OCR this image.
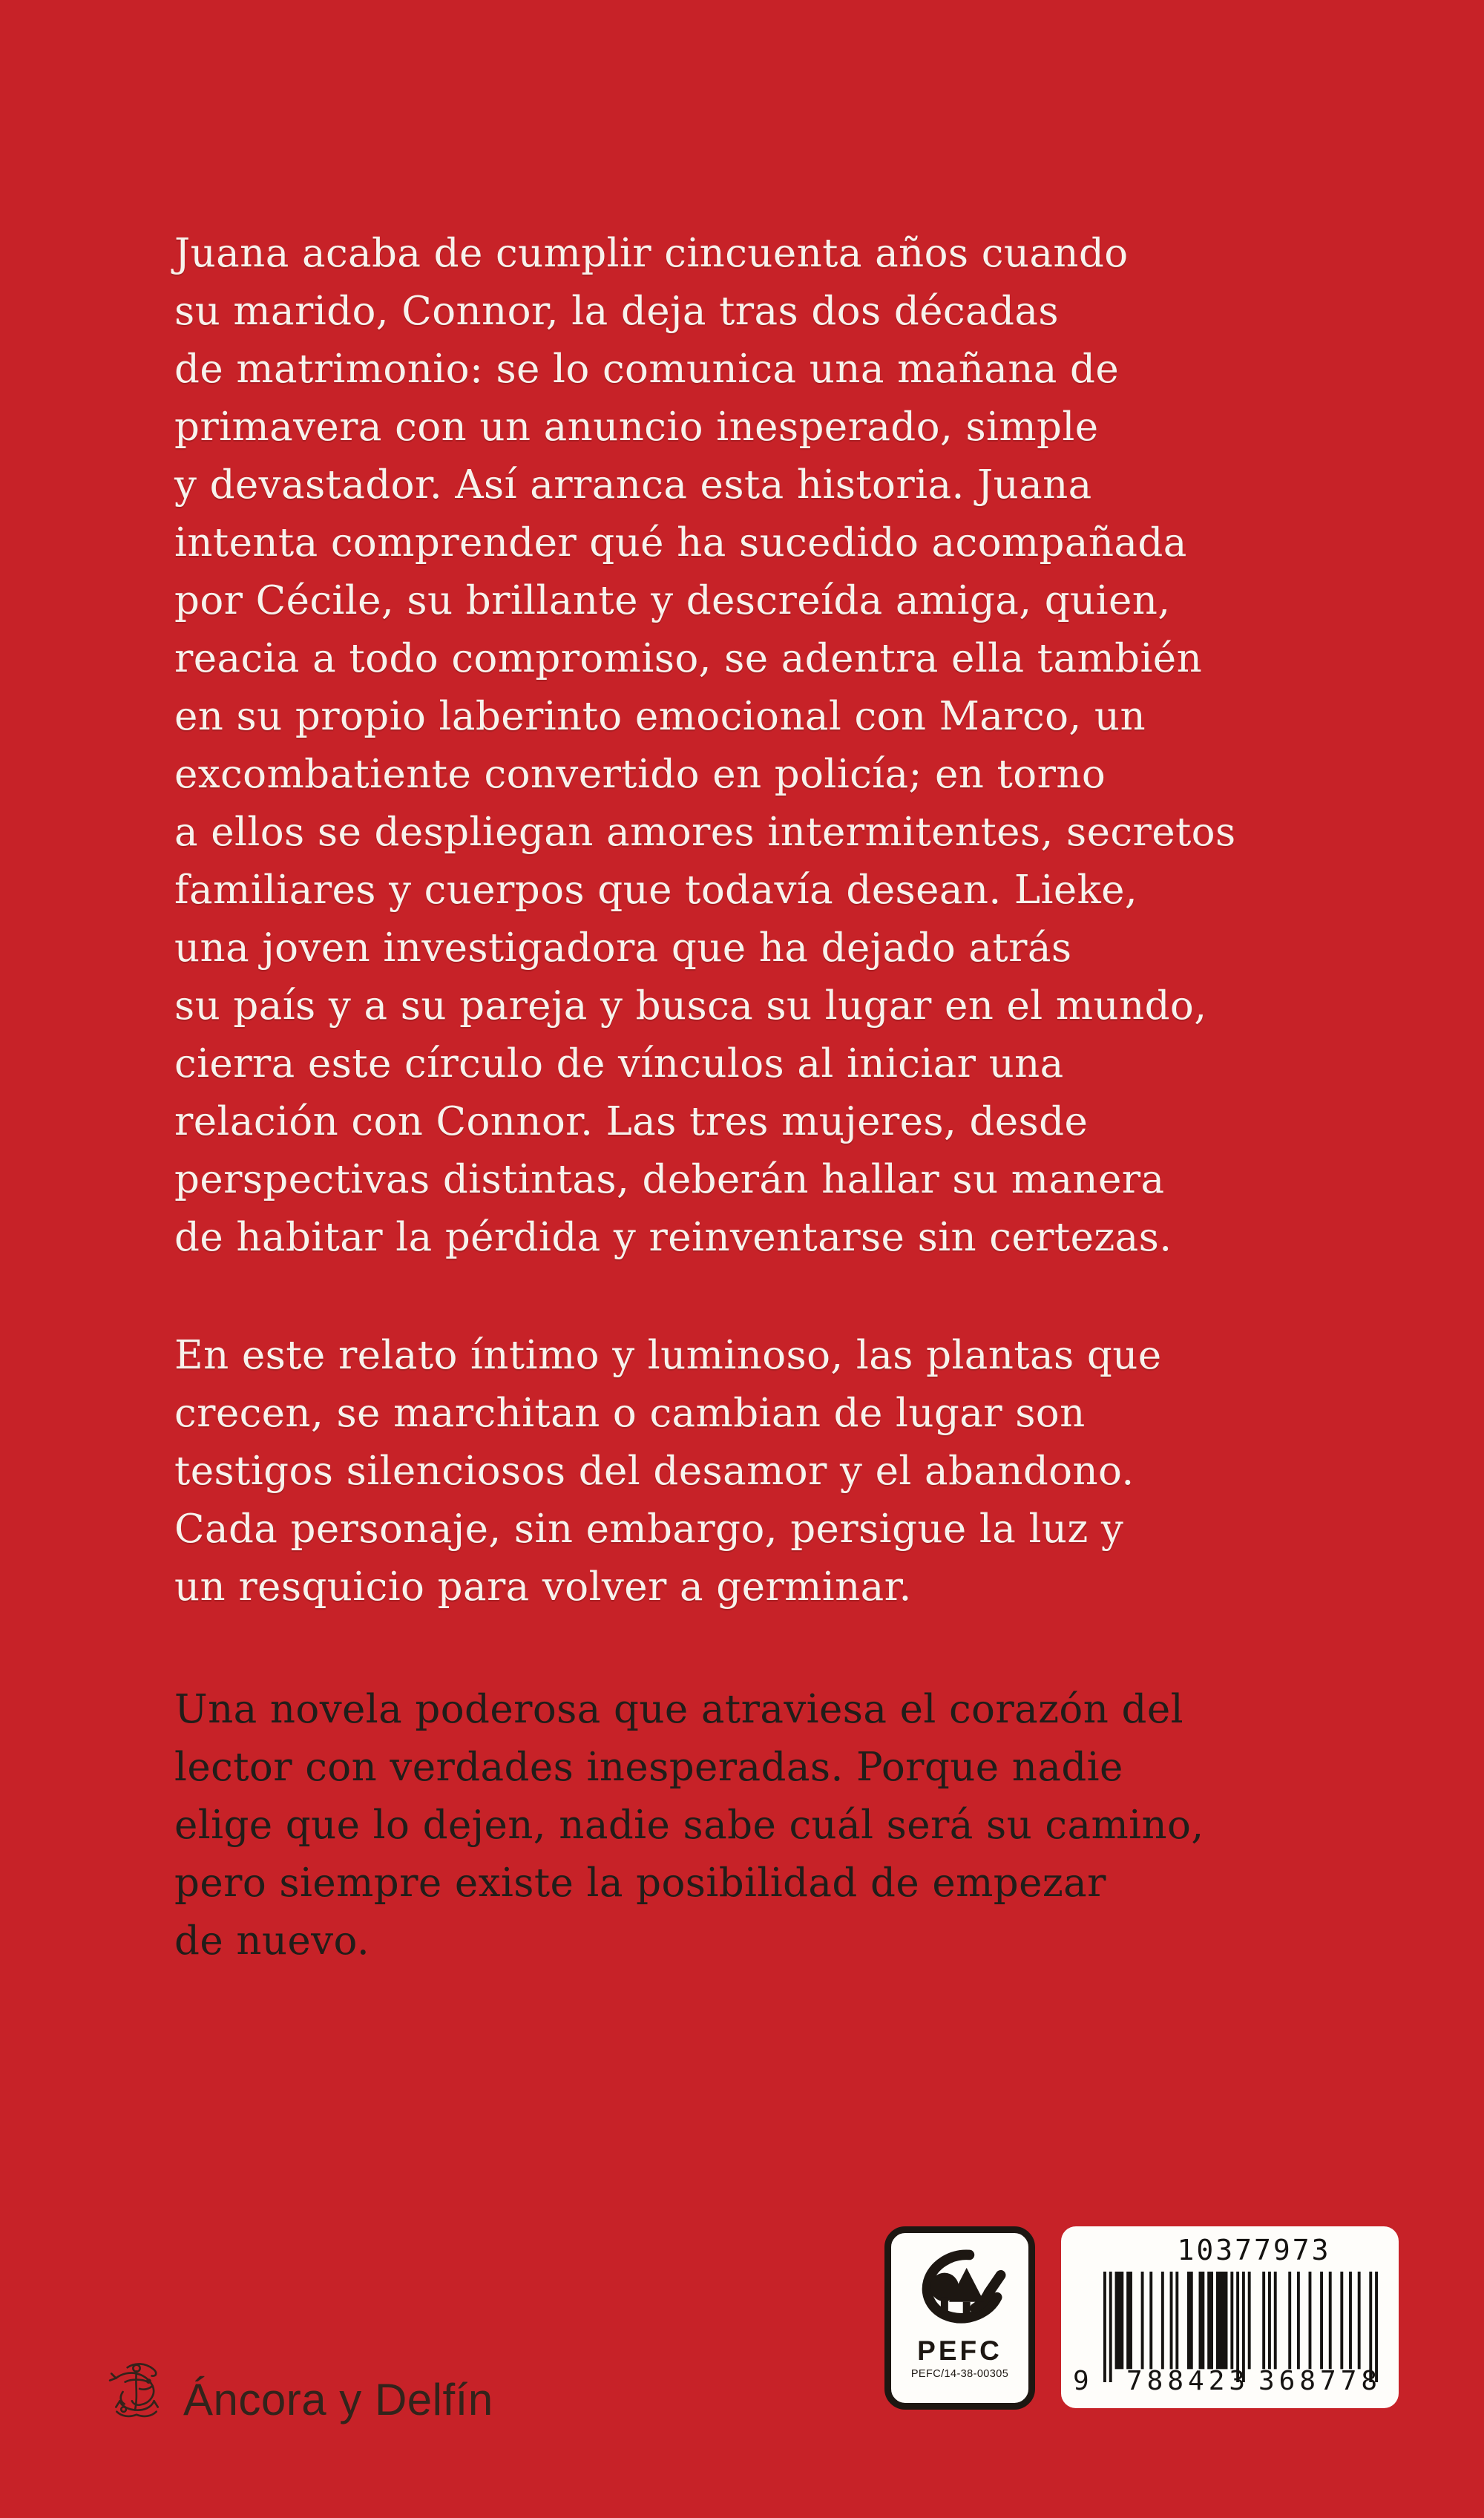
Juana acaba de cumplir cincuenta años cuando
su marido, Connor, la deja tras dos décadas
de matrimonio: se lo comunica una mañana de
primavera con un anuncio inesperado, simple
y devastador. Así arranca esta historia. Juana
intenta comprender qué ha sucedido acompañada
por Cécile, su brillante y descreída amiga, quien,
reacia a todo compromiso, se adentra ella también
en su propio laberinto emocional con Marco, un
excombatiente convertido en policía; en torno
a ellos se despliegan amores intermitentes, secretos
familiares y cuerpos que todavía desean. Lieke,
una joven investigadora que ha dejado atrás
su país y a su pareja y busca su lugar en el mundo,
cierra este círculo de vínculos al iniciar una
relación con Connor. Las tres mujeres, desde
perspectivas distintas, deberán hallar su manera
de habitar la pérdida y reinventarse sin certezas.
En este relato íntimo y luminoso, las plantas que
crecen, se marchitan o cambian de lugar son
testigos silenciosos del desamor y el abandono.
Cada personaje, sin embargo, persigue la luz y
un resquicio para volver a germinar.
Una novela poderosa que atraviesa el corazón del
lector con verdades inesperadas. Porque nadie
elige que lo dejen, nadie sabe cuál será su camino,
pero siempre existe la posibilidad de empezar
de nuevo.
Áncora y Delfín
PEFC
PEFC/14-38-00305
10377973
9 788423 368778
